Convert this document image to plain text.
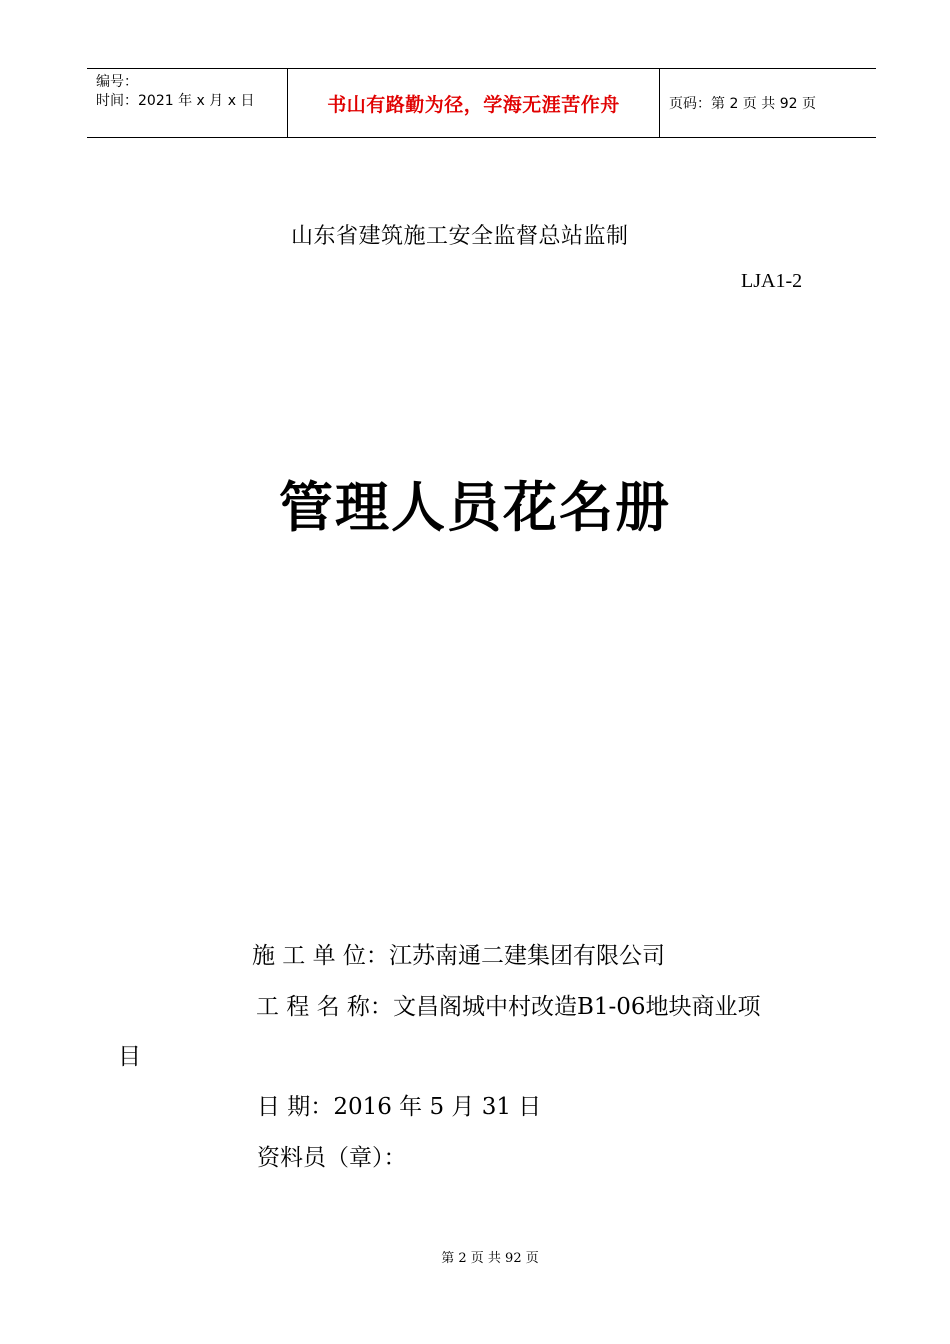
编号：
时间：2021 年 x 月 x 日	书山有路勤为径，学海无涯苦作舟	页码：第 2 页 共 92 页
山东省建筑施工安全监督总站监制
LJA1-2
管理人员花名册
施 工 单 位：江苏南通二建集团有限公司
工 程 名 称：文昌阁城中村改造B1-06地块商业项
目
日 期：2016 年 5 月 31 日
资料员（章）：
第 2 页 共 92 页
